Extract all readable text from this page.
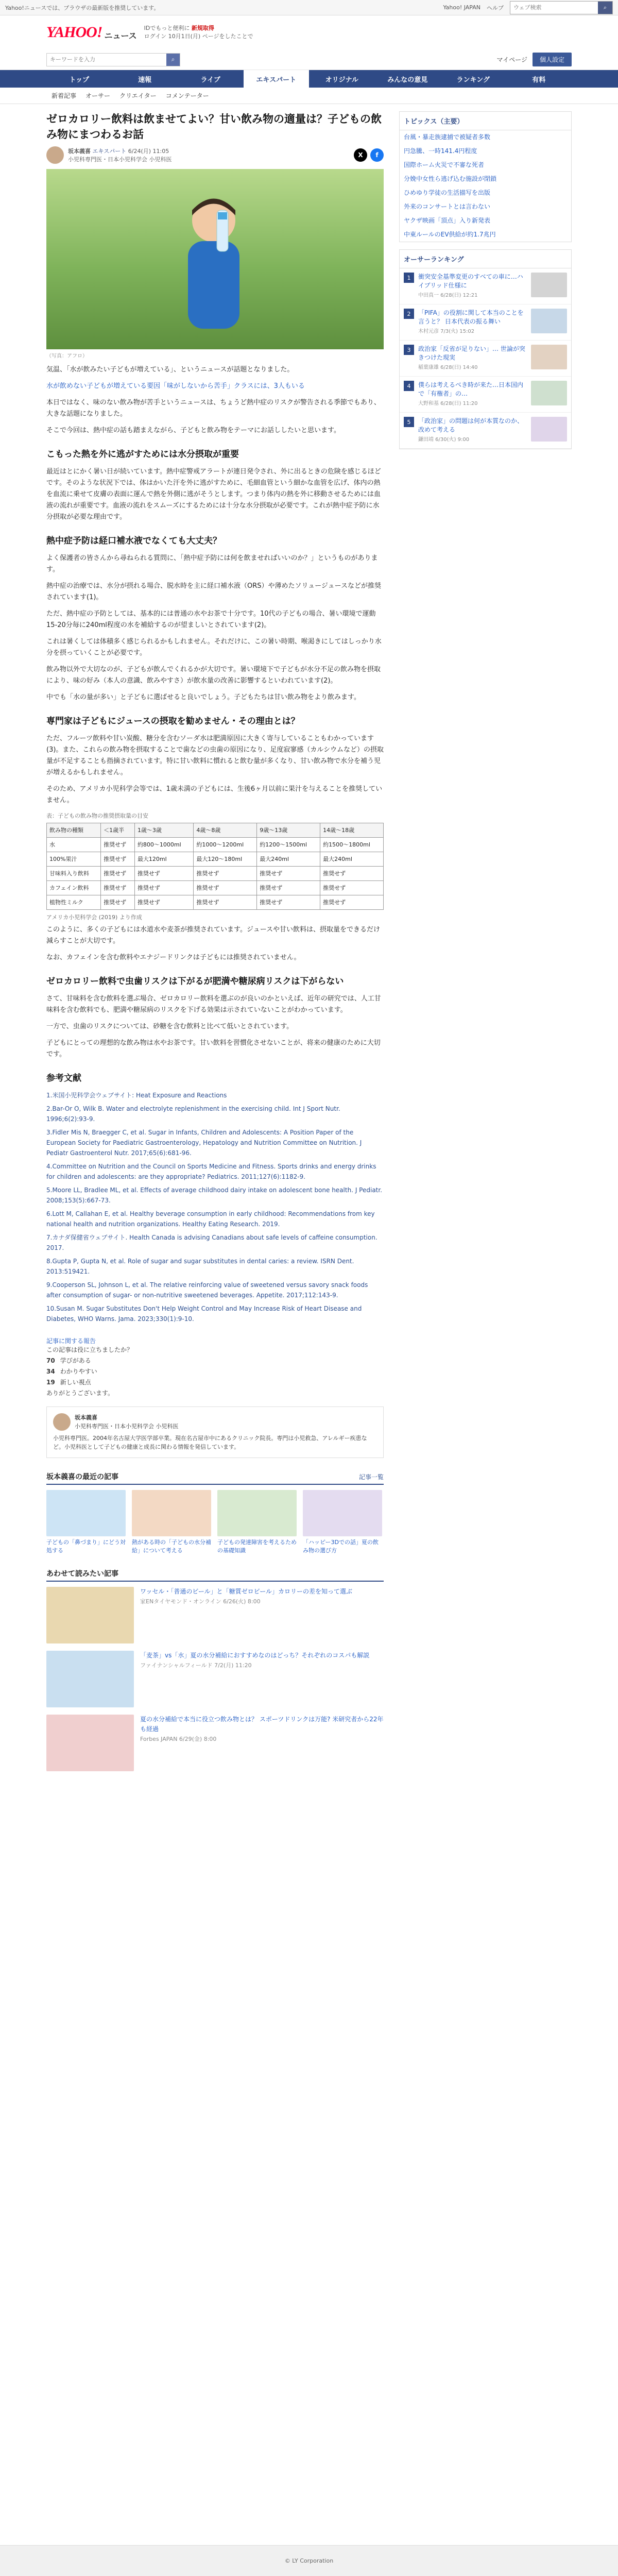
Yahoo!ニュースでは、ブラウザの最新版を推奨しています。	Yahoo! JAPAN ヘルプ
ウェブ検索	⌕
YAHOO! ニュース
IDでもっと便利に 新規取得
ログイン 10月1日(月) ページをしたことで
キーワードを入力
⌕	マイページ	個人設定
トップ	速報	ライブ	エキスパート	オリジナル	みんなの意見	ランキング	有料
新着記事 オーサー クリエイター コメンテーター
ゼロカロリー飲料は飲ませてよい？甘い飲み物の適量は？子どもの飲み物にまつわるお話
坂本義喜 エキスパート 6/24(月) 11:05
小児科専門医・日本小児科学会 小児科医
X	f
（写真：アフロ）

気温、「水が飲みたい子どもが増えている」、というニュースが話題となりました。

水が飲めない子どもが増えている要因「味がしないから苦手」クラスには、3人もいる

本日ではなく、味のない飲み物が苦手というニュースは、ちょうど熱中症のリスクが警告される季節でもあり、大きな話題になりました。

そこで今回は、熱中症の話も踏まえながら、子どもと飲み物をテーマにお話ししたいと思います。

こもった熱を外に逃がすためには水分摂取が重要

最近はとにかく暑い日が続いています。熱中症警戒アラートが連日発令され、外に出るときの危険を感じるほどです。そのような状況下では、体はかいた汗を外に逃がすために、毛細血管という細かな血管を広げ、体内の熱を血流に乗せて皮膚の表面に運んで熱を外側に逃がそうとします。つまり体内の熱を外に移動させるためには血液の流れが重要です。血液の流れをスムーズにするためには十分な水分摂取が必要です。これが熱中症予防に水分摂取が必要な理由です。

熱中症予防は経口補水液でなくても大丈夫？

よく保護者の皆さんから尋ねられる質問に、「熱中症予防には何を飲ませればいいのか？」というものがあります。

熱中症の治療では、水分が摂れる場合、脱水時を主に経口補水液（ORS）や薄めたソリュージュースなどが推奨されています(1)。

ただ、熱中症の予防としては、基本的には普通の水やお茶で十分です。10代の子どもの場合、暑い環境で運動15-20分毎に240ml程度の水を補給するのが望ましいとされています(2)。

これは暑くしては体積多く感じられるかもしれません。それだけに、この暑い時期、喉渇きにしてはしっかり水分を摂っていくことが必要です。

飲み物以外で大切なのが、子どもが飲んでくれるかが大切です。暑い環境下で子どもが水分不足の飲み物を摂取により、味の好み（本人の意識、飲みやすさ）が飲水量の改善に影響するといわれています(2)。

中でも「水の量が多い」と子どもに選ばせると良いでしょう。子どもたちは甘い飲み物をより飲みます。

専門家は子どもにジュースの摂取を勧めません・その理由とは？

ただ、フルーツ飲料や甘い炭酸、糖分を含むソーダ水は肥満原因に大きく寄与していることもわかっています(3)。また、これらの飲み物を摂取することで歯などの虫歯の原因になり、足度寂寥感（カルシウムなど）の摂取量が不足することも指摘されています。特に甘い飲料に慣れると飲む量が多くなり、甘い飲み物で水分を補う児が増えるかもしれません。

そのため、アメリカ小児科学会等では、1歳未満の子どもには、生後6ヶ月以前に果汁を与えることを推奨していません。

表：子どもの飲み物の推奨摂取量の目安
飲み物の種類	＜1歳半	1歳〜3歳	4歳〜8歳	9歳〜13歳	14歳〜18歳
水	推奨せず	約800〜1000ml	約1000〜1200ml	約1200〜1500ml	約1500〜1800ml
100%果汁	推奨せず	最大120ml	最大120〜180ml	最大240ml	最大240ml
甘味料入り飲料	推奨せず	推奨せず	推奨せず	推奨せず	推奨せず
カフェイン飲料	推奨せず	推奨せず	推奨せず	推奨せず	推奨せず
植物性ミルク	推奨せず	推奨せず	推奨せず	推奨せず	推奨せず
アメリカ小児科学会 (2019) より作成

このように、多くの子どもには水道水や麦茶が推奨されています。ジュースや甘い飲料は、摂取量をできるだけ減らすことが大切です。

なお、カフェインを含む飲料やエナジードリンクは子どもには推奨されていません。

ゼロカロリー飲料で虫歯リスクは下がるが肥満や糖尿病リスクは下がらない

さて、甘味料を含む飲料を選ぶ場合、ゼロカロリー飲料を選ぶのが良いのかといえば、近年の研究では、人工甘味料を含む飲料でも、肥満や糖尿病のリスクを下げる効果は示されていないことがわかっています。

一方で、虫歯のリスクについては、砂糖を含む飲料と比べて低いとされています。

子どもにとっての理想的な飲み物は水やお茶です。甘い飲料を習慣化させないことが、将来の健康のために大切です。

参考文献
1.米国小児科学会ウェブサイト: Heat Exposure and Reactions
2.Bar-Or O, Wilk B. Water and electrolyte replenishment in the exercising child. Int J Sport Nutr. 1996;6(2):93-9.
3.Fidler Mis N, Braegger C, et al. Sugar in Infants, Children and Adolescents: A Position Paper of the European Society for Paediatric Gastroenterology, Hepatology and Nutrition Committee on Nutrition. J Pediatr Gastroenterol Nutr. 2017;65(6):681-96.
4.Committee on Nutrition and the Council on Sports Medicine and Fitness. Sports drinks and energy drinks for children and adolescents: are they appropriate? Pediatrics. 2011;127(6):1182-9.
5.Moore LL, Bradlee ML, et al. Effects of average childhood dairy intake on adolescent bone health. J Pediatr. 2008;153(5):667-73.
6.Lott M, Callahan E, et al. Healthy beverage consumption in early childhood: Recommendations from key national health and nutrition organizations. Healthy Eating Research. 2019.
7.カナダ保健省ウェブサイト. Health Canada is advising Canadians about safe levels of caffeine consumption. 2017.
8.Gupta P, Gupta N, et al. Role of sugar and sugar substitutes in dental caries: a review. ISRN Dent. 2013:519421.
9.Cooperson SL, Johnson L, et al. The relative reinforcing value of sweetened versus savory snack foods after consumption of sugar- or non-nutritive sweetened beverages. Appetite. 2017;112:143-9.
10.Susan M. Sugar Substitutes Don't Help Weight Control and May Increase Risk of Heart Disease and Diabetes, WHO Warns. Jama. 2023;330(1):9-10.
記事に関する報告
この記事は役に立ちましたか？
70 学びがある
34 わかりやすい
19 新しい視点
ありがとうございます。
坂本義喜
小児科専門医・日本小児科学会 小児科医
小児科専門医。2004年名古屋大学医学部卒業。現在名古屋市中にあるクリニック院長。専門は小児救急、アレルギー疾患など。小児科医として子どもの健康と成長に関わる情報を発信しています。
坂本義喜の最近の記事	記事一覧
子どもの「鼻づまり」にどう対処する
熱がある時の「子どもの水分補給」について考える
子どもの発達障害を考えるための基礎知識
「ハッピー3Dでの話」夏の飲み物の選び方
あわせて読みたい記事
ワッセル・「普通のビール」と「糖質ゼロビール」カロリーの差を知って選ぶ
家ENタイヤモンド・オンライン 6/26(火) 8:00
「麦茶」vs「水」夏の水分補給におすすめなのはどっち？それぞれのコスパも解説
ファイナンシャルフィールド 7/2(月) 11:20
夏の水分補給で本当に役立つ飲み物とは？ スポーツドリンクは万能? 米研究者から22年も経過
Forbes JAPAN 6/29(金) 8:00
トピックス（主要）
台風・暴走族逮捕で被疑者多数
円急騰、一時141.4円程度
国際ホーム火災で不審な死者
分娩中女性ら逃げ込む施設が閉鎖
ひめゆり学徒の生活描写を出版
外来のコンサートとは言わない
ヤクザ映画「頂点」入り新発表
中東ルールのEV供給が約1.7兆円
オーサーランキング
1	衝突安全基準変更のすべての車に…ハイブリッド仕様に
中田真一 6/28(日) 12:21
2	「PIFA」の役割に関して本当のことを言うと？ 日本代表の振る舞い
木村元彦 7/3(火) 15:02
3	政治家「反省が足りない」… 世論が突きつけた現実
稲葉康雄 6/28(日) 14:40
4	僕らは考えるべき時が来た…日本国内で「有権者」の…
大野和基 6/28(日) 11:20
5	「政治家」の問題は何が本質なのか、改めて考える
鎌田靖 6/30(火) 9:00
© LY Corporation
